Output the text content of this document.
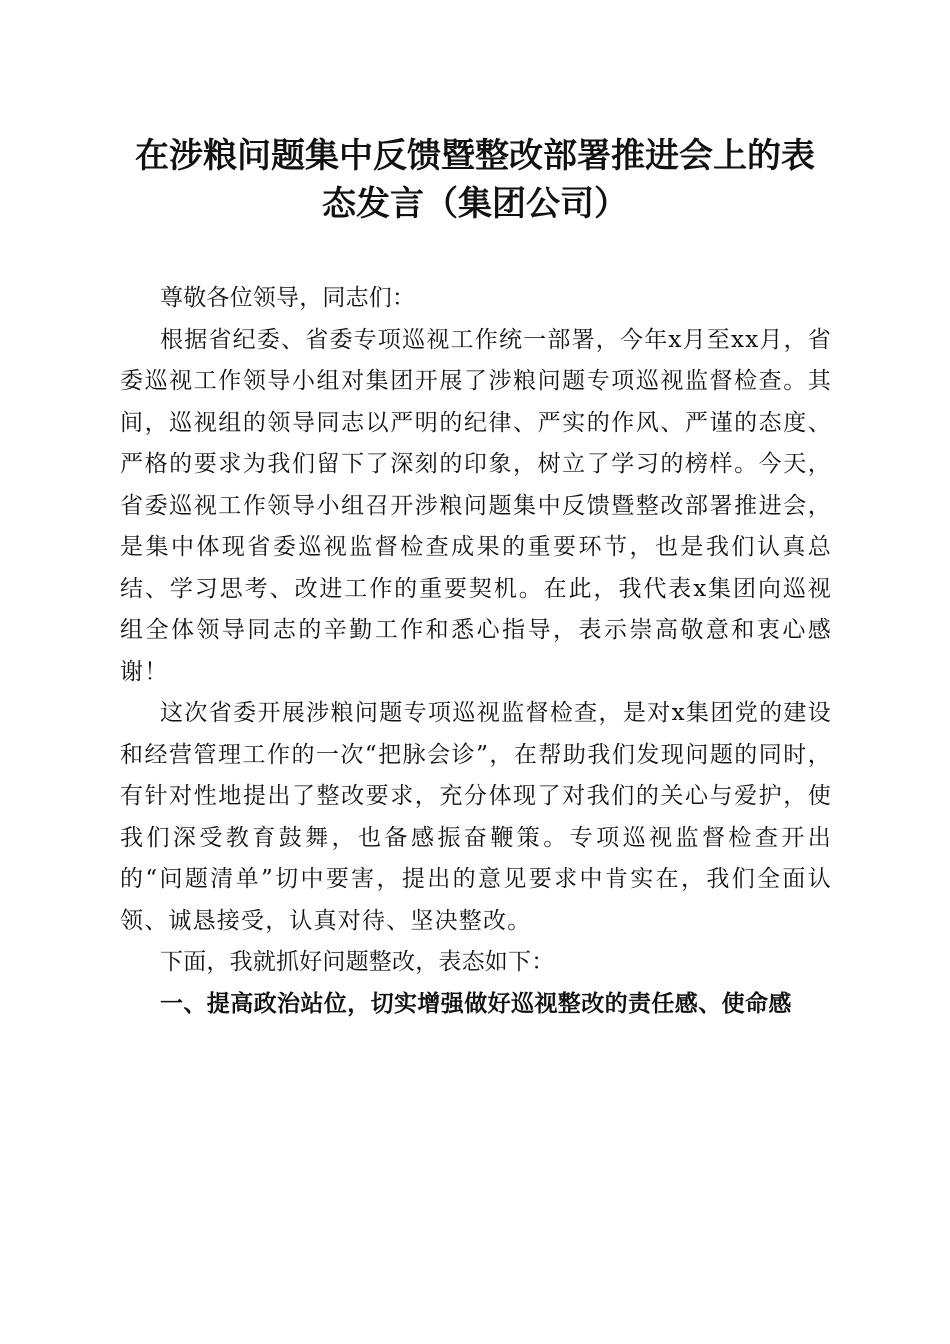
在涉粮问题集中反馈暨整改部署推进会上的表
态发言（集团公司）

尊敬各位领导，同志们：

根据省纪委、省委专项巡视工作统一部署，今年x月至xx月，省委巡视工作领导小组对集团开展了涉粮问题专项巡视监督检查。其间，巡视组的领导同志以严明的纪律、严实的作风、严谨的态度、严格的要求为我们留下了深刻的印象，树立了学习的榜样。今天，省委巡视工作领导小组召开涉粮问题集中反馈暨整改部署推进会，是集中体现省委巡视监督检查成果的重要环节，也是我们认真总结、学习思考、改进工作的重要契机。在此，我代表x集团向巡视组全体领导同志的辛勤工作和悉心指导，表示崇高敬意和衷心感谢！

这次省委开展涉粮问题专项巡视监督检查，是对x集团党的建设和经营管理工作的一次“把脉会诊”，在帮助我们发现问题的同时，有针对性地提出了整改要求，充分体现了对我们的关心与爱护，使我们深受教育鼓舞，也备感振奋鞭策。专项巡视监督检查开出的“问题清单”切中要害，提出的意见要求中肯实在，我们全面认领、诚恳接受，认真对待、坚决整改。

下面，我就抓好问题整改，表态如下：

一、提高政治站位，切实增强做好巡视整改的责任感、使命感
